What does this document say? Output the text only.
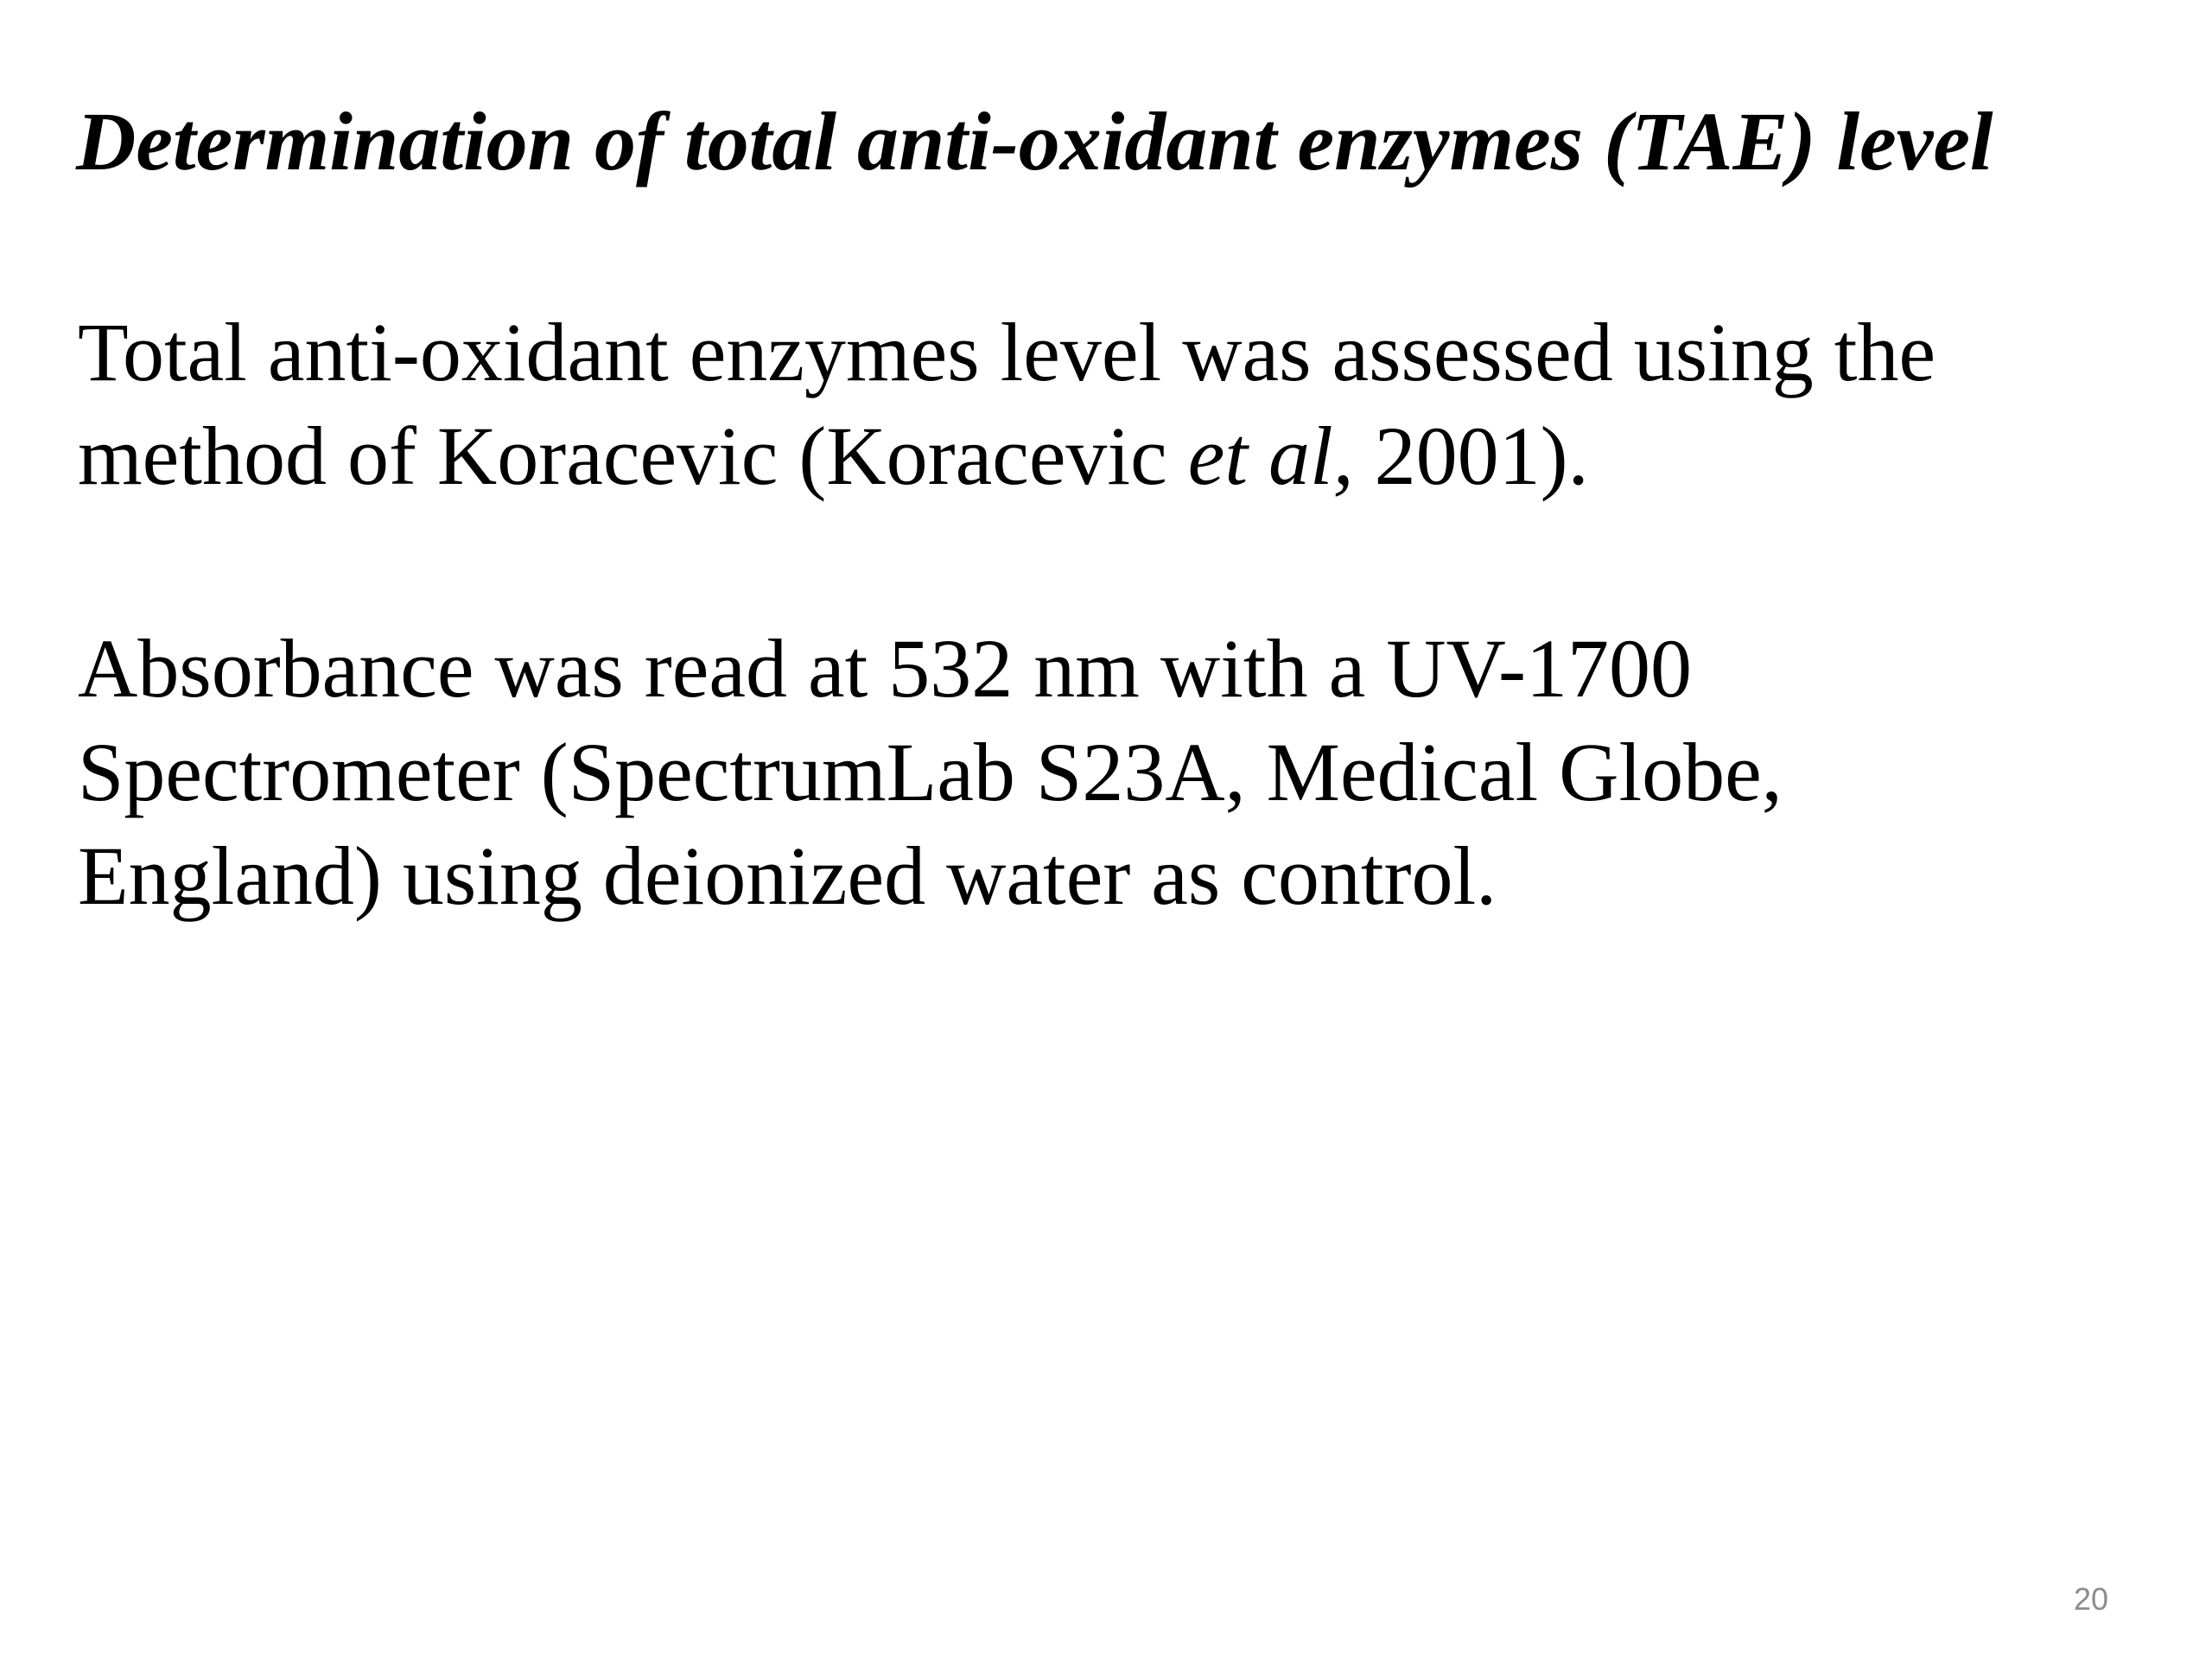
Determination of total anti-oxidant enzymes (TAE) level

Total anti-oxidant enzymes level was assessed using the
method of Koracevic (Koracevic et al, 2001).

Absorbance was read at 532 nm with a UV-1700
Spectrometer (SpectrumLab S23A, Medical Globe,
England) using deionized water as control.

20
